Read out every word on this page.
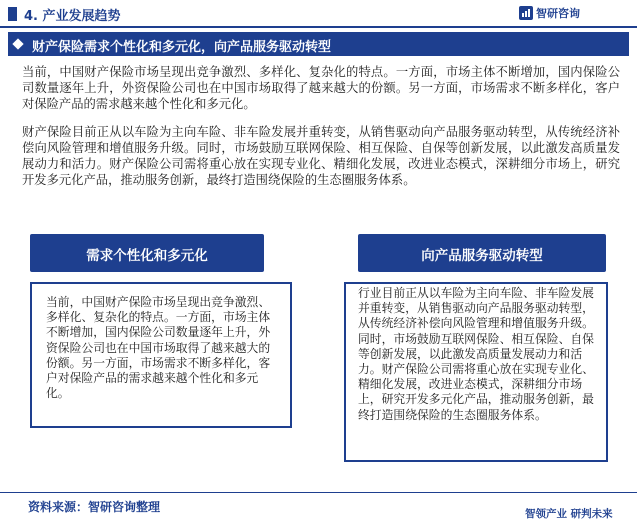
4. 产业发展趋势	智研咨询
财产保险需求个性化和多元化，向产品服务驱动转型

当前，中国财产保险市场呈现出竞争激烈、多样化、复杂化的特点。一方面，市场主体不断增加，国内保险公司数量逐年上升，外资保险公司也在中国市场取得了越来越大的份额。另一方面，市场需求不断多样化，客户对保险产品的需求越来越个性化和多元化。

财产保险目前正从以车险为主向车险、非车险发展并重转变，从销售驱动向产品服务驱动转型，从传统经济补偿向风险管理和增值服务升级。同时，市场鼓励互联网保险、相互保险、自保等创新发展，以此激发高质量发展动力和活力。财产保险公司需将重心放在实现专业化、精细化发展，改进业态模式，深耕细分市场上，研究开发多元化产品，推动服务创新，最终打造围绕保险的生态圈服务体系。

需求个性化和多元化

当前，中国财产保险市场呈现出竞争激烈、多样化、复杂化的特点。一方面，市场主体不断增加，国内保险公司数量逐年上升，外资保险公司也在中国市场取得了越来越大的份额。另一方面，市场需求不断多样化，客户对保险产品的需求越来越个性化和多元化。

向产品服务驱动转型

行业目前正从以车险为主向车险、非车险发展并重转变，从销售驱动向产品服务驱动转型，从传统经济补偿向风险管理和增值服务升级。同时，市场鼓励互联网保险、相互保险、自保等创新发展，以此激发高质量发展动力和活力。财产保险公司需将重心放在实现专业化、精细化发展，改进业态模式，深耕细分市场上，研究开发多元化产品，推动服务创新，最终打造围绕保险的生态圈服务体系。

资料来源：智研咨询整理	智领产业 研判未来
